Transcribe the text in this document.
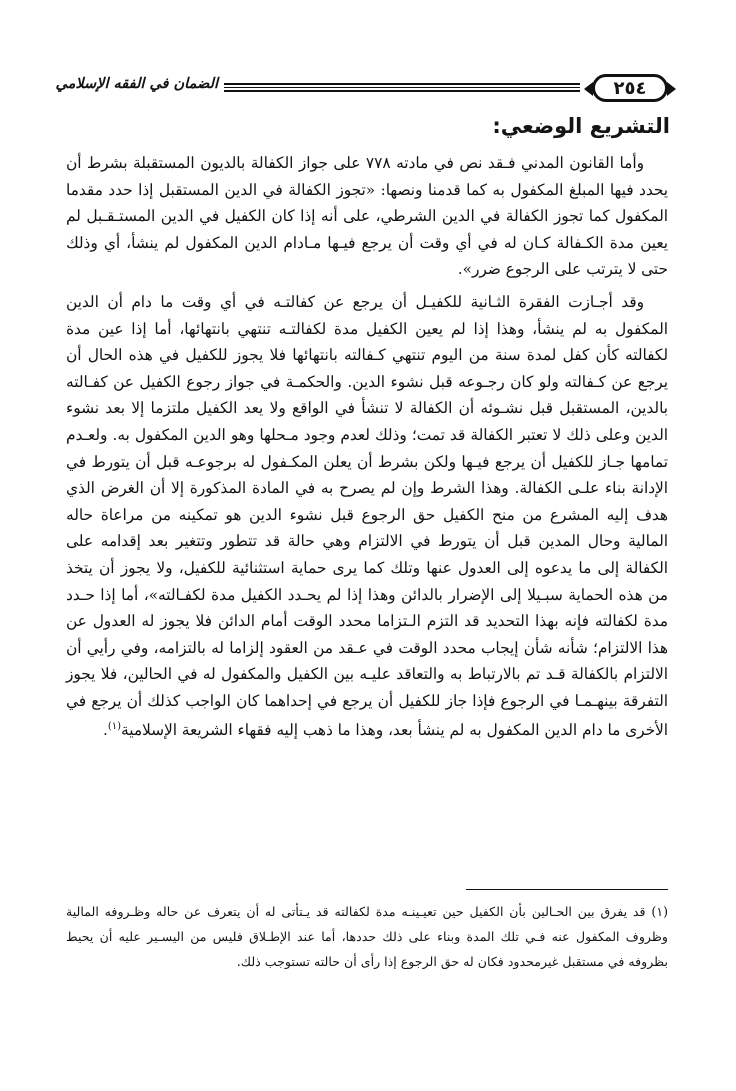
٢٥٤
الضمان في الفقه الإسلامي
التشريع الوضعي:

وأما القانون المدني فـقد نص في مادته ٧٧٨ على جواز الكفالة بالديون المستقبلة بشرط أن يحدد فيها المبلغ المكفول به كما قدمنا ونصها: «تجوز الكفالة في الدين المستقبل إذا حدد مقدما المكفول كما تجوز الكفالة في الدين الشرطي، على أنه إذا كان الكفيل في الدين المستـقـبل لم يعين مدة الكـفالة كـان له في أي وقت أن يرجع فيـها مـادام الدين المكفول لم ينشأ، أي وذلك حتى لا يترتب على الرجوع ضرر».

وقد أجـازت الفقرة الثـانية للكفيـل أن يرجع عن كفالتـه في أي وقت ما دام أن الدين المكفول به لم ينشأ، وهذا إذا لم يعين الكفيل مدة لكفالتـه تنتهي بانتهائها، أما إذا عين مدة لكفالته كأن كفل لمدة سنة من اليوم تنتهي كـفالته بانتهائها فلا يجوز للكفيل في هذه الحال أن يرجع عن كـفالته ولو كان رجـوعه قبل نشوء الدين. والحكمـة في جواز رجوع الكفيل عن كفـالته بالدين، المستقبل قبل نشـوئه أن الكفالة لا تنشأ في الواقع ولا يعد الكفيل ملتزما إلا بعد نشوء الدين وعلى ذلك لا تعتبر الكفالة قد تمت؛ وذلك لعدم وجود مـحلها وهو الدين المكفول به. ولعـدم تمامها جـاز للكفيل أن يرجع فيـها ولكن بشرط أن يعلن المكـفول له برجوعـه قبل أن يتورط في الإدانة بناء علـى الكفالة. وهذا الشرط وإن لم يصرح به في المادة المذكورة إلا أن الغرض الذي هدف إليه المشرع من منح الكفيل حق الرجوع قبل نشوء الدين هو تمكينه من مراعاة حاله المالية وحال المدين قبل أن يتورط في الالتزام وهي حالة قد تتطور وتتغير بعد إقدامه على الكفالة إلى ما يدعوه إلى العدول عنها وتلك كما يرى حماية استثنائية للكفيل، ولا يجوز أن يتخذ من هذه الحماية سبـيلا إلى الإضرار بالدائن وهذا إذا لم يحـدد الكفيل مدة لكفـالته»، أما إذا حـدد مدة لكفالته فإنه بهذا التحديد قد التزم الـتزاما محدد الوقت أمام الدائن فلا يجوز له العدول عن هذا الالتزام؛ شأنه شأن إيجاب محدد الوقت في عـقد من العقود إلزاما له بالتزامه، وفي رأيي أن الالتزام بالكفالة قـد تم بالارتباط به والتعاقد عليـه بين الكفيل والمكفول له في الحالين، فلا يجوز التفرقة بينهـمـا في الرجوع فإذا جاز للكفيل أن يرجع في إحداهما كان الواجب كذلك أن يرجع في الأخرى ما دام الدين المكفول به لم ينشأ بعد، وهذا ما ذهب إليه فقهاء الشريعة الإسلامية$^{(١)}$.

(١) قد يفرق بين الحـالين بأن الكفيل حين تعيـينـه مدة لكفالته قد يـتأتى له أن يتعرف عن حاله وظـروفه المالية وظروف المكفول عنه فـي تلك المدة وبناء على ذلك حددها، أما عند الإطـلاق فليس من اليسـير عليه أن يحيط بظروفه في مستقبل غيرمحدود فكان له حق الرجوع إذا رأى أن حالته تستوجب ذلك.
